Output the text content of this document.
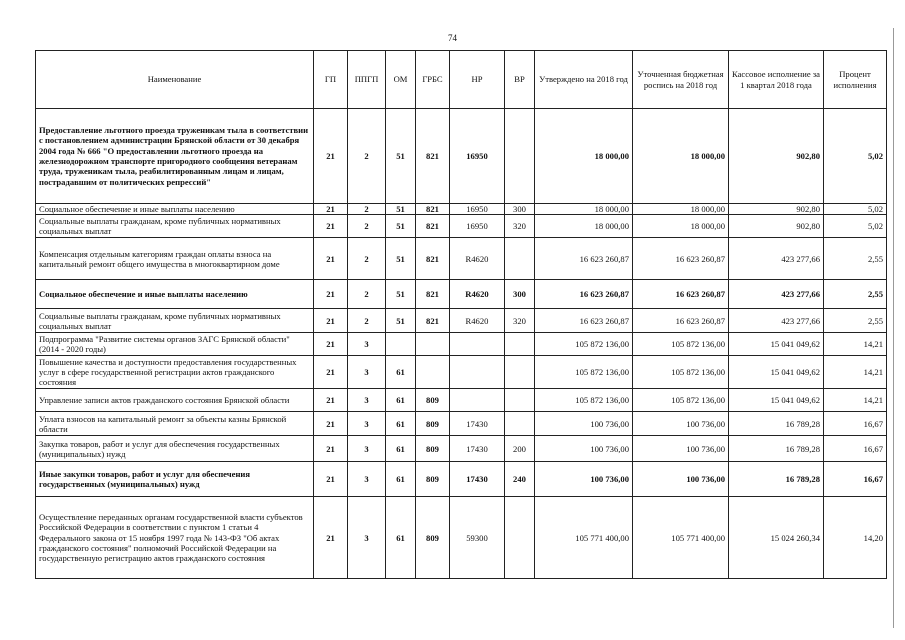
74
Наименование	ГП	ППГП	ОМ	ГРБС	НР	ВР	Утверждено на 2018 год	Уточненная бюджетная роспись на 2018 год	Кассовое исполнение за 1 квартал 2018 года	Процент исполнения
Предоставление льготного проезда труженикам тыла в соответствии с постановлением администрации Брянской области от 30 декабря 2004 года № 666 "О предоставлении льготного проезда на железнодорожном транспорте пригородного сообщения ветеранам труда, труженикам тыла, реабилитированным лицам и лицам, пострадавшим от политических репрессий"	21	2	51	821	16950		18 000,00	18 000,00	902,80	5,02
Социальное обеспечение и иные выплаты населению	21	2	51	821	16950	300	18 000,00	18 000,00	902,80	5,02
Социальные выплаты гражданам, кроме публичных нормативных социальных выплат	21	2	51	821	16950	320	18 000,00	18 000,00	902,80	5,02
Компенсация отдельным категориям граждан оплаты взноса на капитальный ремонт общего имущества в многоквартирном доме	21	2	51	821	R4620		16 623 260,87	16 623 260,87	423 277,66	2,55
Социальное обеспечение и иные выплаты населению	21	2	51	821	R4620	300	16 623 260,87	16 623 260,87	423 277,66	2,55
Социальные выплаты гражданам, кроме публичных нормативных социальных выплат	21	2	51	821	R4620	320	16 623 260,87	16 623 260,87	423 277,66	2,55
Подпрограмма "Развитие системы органов ЗАГС Брянской области" (2014 - 2020 годы)	21	3					105 872 136,00	105 872 136,00	15 041 049,62	14,21
Повышение качества и доступности предоставления государственных услуг в сфере государственной регистрации актов гражданского состояния	21	3	61				105 872 136,00	105 872 136,00	15 041 049,62	14,21
Управление записи актов гражданского состояния Брянской области	21	3	61	809			105 872 136,00	105 872 136,00	15 041 049,62	14,21
Уплата взносов на капитальный ремонт за объекты казны Брянской области	21	3	61	809	17430		100 736,00	100 736,00	16 789,28	16,67
Закупка товаров, работ и услуг для обеспечения государственных (муниципальных) нужд	21	3	61	809	17430	200	100 736,00	100 736,00	16 789,28	16,67
Иные закупки товаров, работ и услуг для обеспечения государственных (муниципальных) нужд	21	3	61	809	17430	240	100 736,00	100 736,00	16 789,28	16,67
Осуществление переданных органам государственной власти субъектов Российской Федерации в соответствии с пунктом 1 статьи 4 Федерального закона от 15 ноября 1997 года № 143-ФЗ "Об актах гражданского состояния" полномочий Российской Федерации на государственную регистрацию актов гражданского состояния	21	3	61	809	59300		105 771 400,00	105 771 400,00	15 024 260,34	14,20
